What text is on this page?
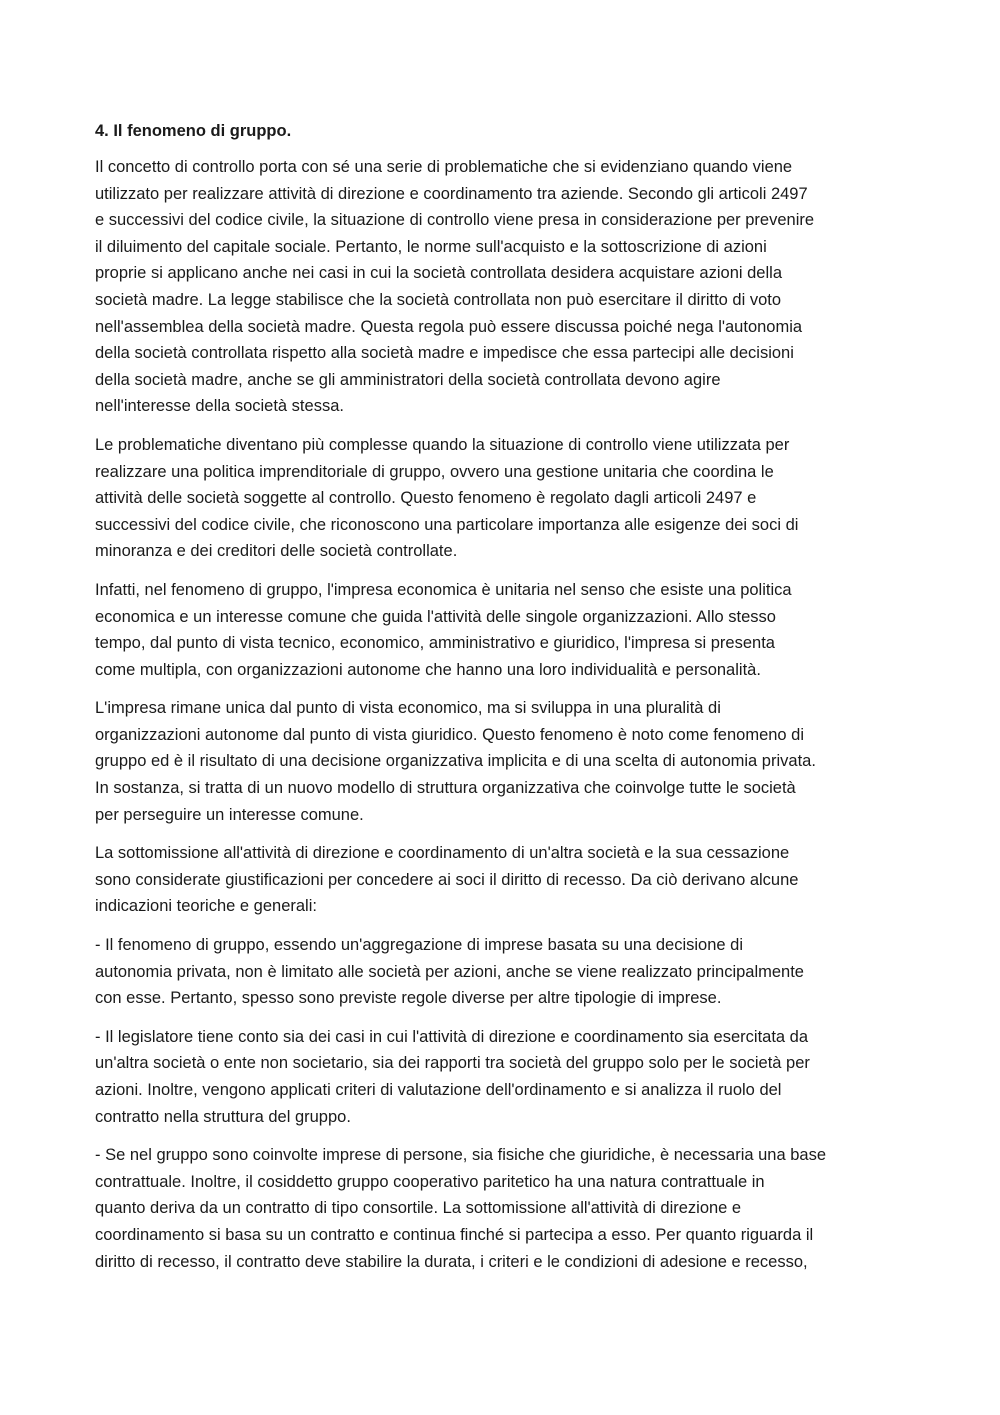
4. Il fenomeno di gruppo.
Il concetto di controllo porta con sé una serie di problematiche che si evidenziano quando viene
utilizzato per realizzare attività di direzione e coordinamento tra aziende. Secondo gli articoli 2497
e successivi del codice civile, la situazione di controllo viene presa in considerazione per prevenire
il diluimento del capitale sociale. Pertanto, le norme sull'acquisto e la sottoscrizione di azioni
proprie si applicano anche nei casi in cui la società controllata desidera acquistare azioni della
società madre. La legge stabilisce che la società controllata non può esercitare il diritto di voto
nell'assemblea della società madre. Questa regola può essere discussa poiché nega l'autonomia
della società controllata rispetto alla società madre e impedisce che essa partecipi alle decisioni
della società madre, anche se gli amministratori della società controllata devono agire
nell'interesse della società stessa.
Le problematiche diventano più complesse quando la situazione di controllo viene utilizzata per
realizzare una politica imprenditoriale di gruppo, ovvero una gestione unitaria che coordina le
attività delle società soggette al controllo. Questo fenomeno è regolato dagli articoli 2497 e
successivi del codice civile, che riconoscono una particolare importanza alle esigenze dei soci di
minoranza e dei creditori delle società controllate.
Infatti, nel fenomeno di gruppo, l'impresa economica è unitaria nel senso che esiste una politica
economica e un interesse comune che guida l'attività delle singole organizzazioni. Allo stesso
tempo, dal punto di vista tecnico, economico, amministrativo e giuridico, l'impresa si presenta
come multipla, con organizzazioni autonome che hanno una loro individualità e personalità.
L'impresa rimane unica dal punto di vista economico, ma si sviluppa in una pluralità di
organizzazioni autonome dal punto di vista giuridico. Questo fenomeno è noto come fenomeno di
gruppo ed è il risultato di una decisione organizzativa implicita e di una scelta di autonomia privata.
In sostanza, si tratta di un nuovo modello di struttura organizzativa che coinvolge tutte le società
per perseguire un interesse comune.
La sottomissione all'attività di direzione e coordinamento di un'altra società e la sua cessazione
sono considerate giustificazioni per concedere ai soci il diritto di recesso. Da ciò derivano alcune
indicazioni teoriche e generali:
- Il fenomeno di gruppo, essendo un'aggregazione di imprese basata su una decisione di
autonomia privata, non è limitato alle società per azioni, anche se viene realizzato principalmente
con esse. Pertanto, spesso sono previste regole diverse per altre tipologie di imprese.
- Il legislatore tiene conto sia dei casi in cui l'attività di direzione e coordinamento sia esercitata da
un'altra società o ente non societario, sia dei rapporti tra società del gruppo solo per le società per
azioni. Inoltre, vengono applicati criteri di valutazione dell'ordinamento e si analizza il ruolo del
contratto nella struttura del gruppo.
- Se nel gruppo sono coinvolte imprese di persone, sia fisiche che giuridiche, è necessaria una base
contrattuale. Inoltre, il cosiddetto gruppo cooperativo paritetico ha una natura contrattuale in
quanto deriva da un contratto di tipo consortile. La sottomissione all'attività di direzione e
coordinamento si basa su un contratto e continua finché si partecipa a esso. Per quanto riguarda il
diritto di recesso, il contratto deve stabilire la durata, i criteri e le condizioni di adesione e recesso,
